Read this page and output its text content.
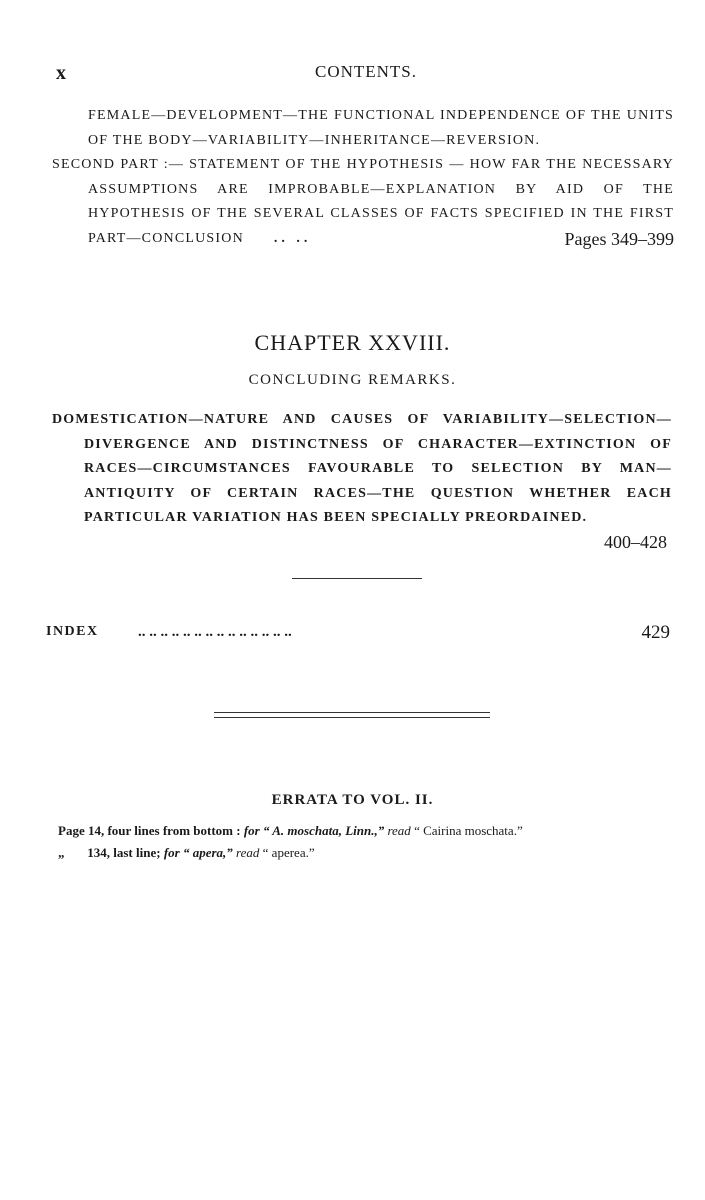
x	CONTENTS.

FEMALE—DEVELOPMENT—THE FUNCTIONAL INDEPENDENCE OF THE UNITS OF THE BODY—VARIABILITY—INHERITANCE—REVERSION.

SECOND PART :— STATEMENT OF THE HYPOTHESIS — HOW FAR THE NECESSARY ASSUMPTIONS ARE IMPROBABLE—EXPLANATION BY AID OF THE HYPOTHESIS OF THE SEVERAL CLASSES OF FACTS SPECIFIED IN THE FIRST PART—CONCLUSION .. ..	Pages 349–399

CHAPTER XXVIII.
CONCLUDING REMARKS.

DOMESTICATION—NATURE AND CAUSES OF VARIABILITY—SELECTION—DIVERGENCE AND DISTINCTNESS OF CHARACTER—EXTINCTION OF RACES—CIRCUMSTANCES FAVOURABLE TO SELECTION BY MAN—ANTIQUITY OF CERTAIN RACES—THE QUESTION WHETHER EACH PARTICULAR VARIATION HAS BEEN SPECIALLY PREORDAINED.

400–428
INDEX	.. .. .. .. .. .. .. .. .. .. .. .. .. ..	429
ERRATA TO VOL. II.

Page 14, four lines from bottom : for “ A. moschata, Linn.,” read “ Cairina moschata.”

„ 134, last line; for “ apera,” read “ aperea.”
